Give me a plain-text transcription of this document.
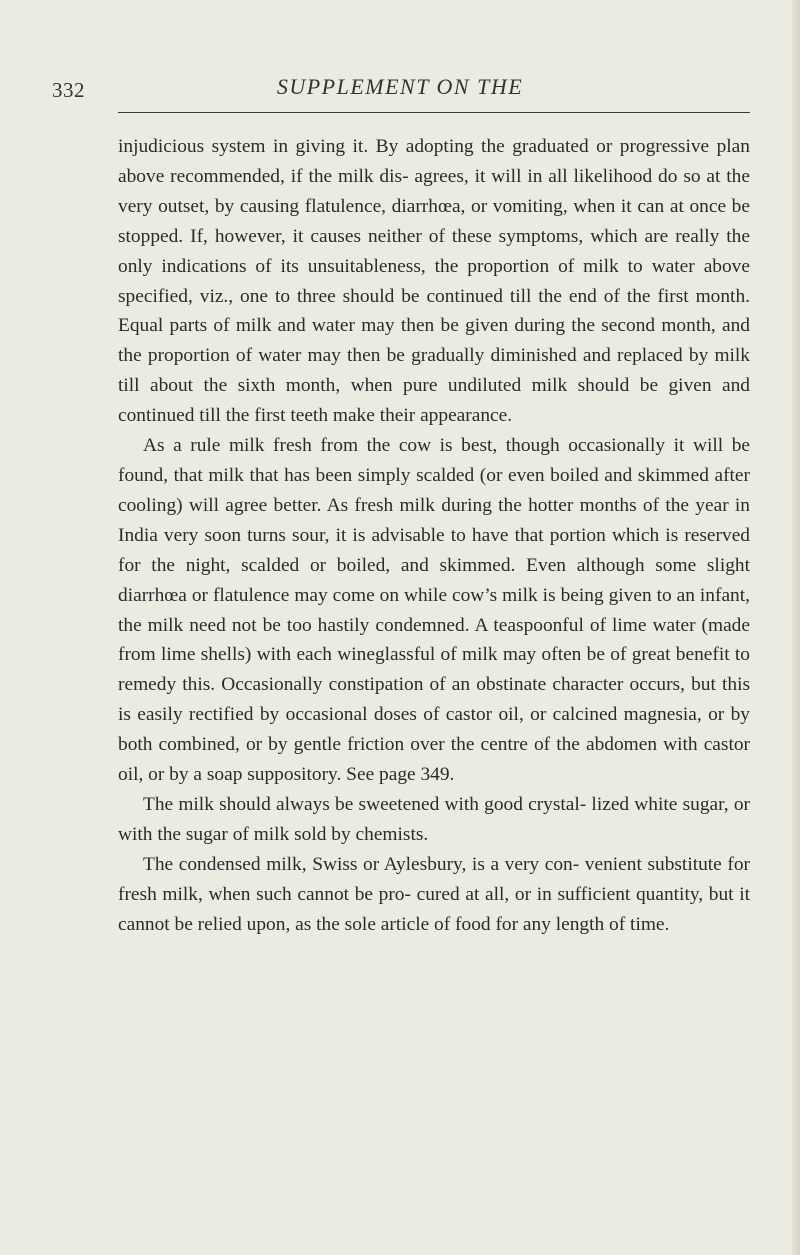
332	SUPPLEMENT ON THE

injudicious system in giving it. By adopting the graduated or progressive plan above recommended, if the milk dis- agrees, it will in all likelihood do so at the very outset, by causing flatulence, diarrhœa, or vomiting, when it can at once be stopped. If, however, it causes neither of these symptoms, which are really the only indications of its unsuitableness, the proportion of milk to water above specified, viz., one to three should be continued till the end of the first month. Equal parts of milk and water may then be given during the second month, and the proportion of water may then be gradually diminished and replaced by milk till about the sixth month, when pure undiluted milk should be given and continued till the first teeth make their appearance.

As a rule milk fresh from the cow is best, though occasionally it will be found, that milk that has been simply scalded (or even boiled and skimmed after cooling) will agree better. As fresh milk during the hotter months of the year in India very soon turns sour, it is advisable to have that portion which is reserved for the night, scalded or boiled, and skimmed. Even although some slight diarrhœa or flatulence may come on while cow’s milk is being given to an infant, the milk need not be too hastily condemned. A teaspoonful of lime water (made from lime shells) with each wineglassful of milk may often be of great benefit to remedy this. Occasionally constipation of an obstinate character occurs, but this is easily rectified by occasional doses of castor oil, or calcined magnesia, or by both combined, or by gentle friction over the centre of the abdomen with castor oil, or by a soap suppository. See page 349.

The milk should always be sweetened with good crystal- lized white sugar, or with the sugar of milk sold by chemists.

The condensed milk, Swiss or Aylesbury, is a very con- venient substitute for fresh milk, when such cannot be pro- cured at all, or in sufficient quantity, but it cannot be relied upon, as the sole article of food for any length of time.
